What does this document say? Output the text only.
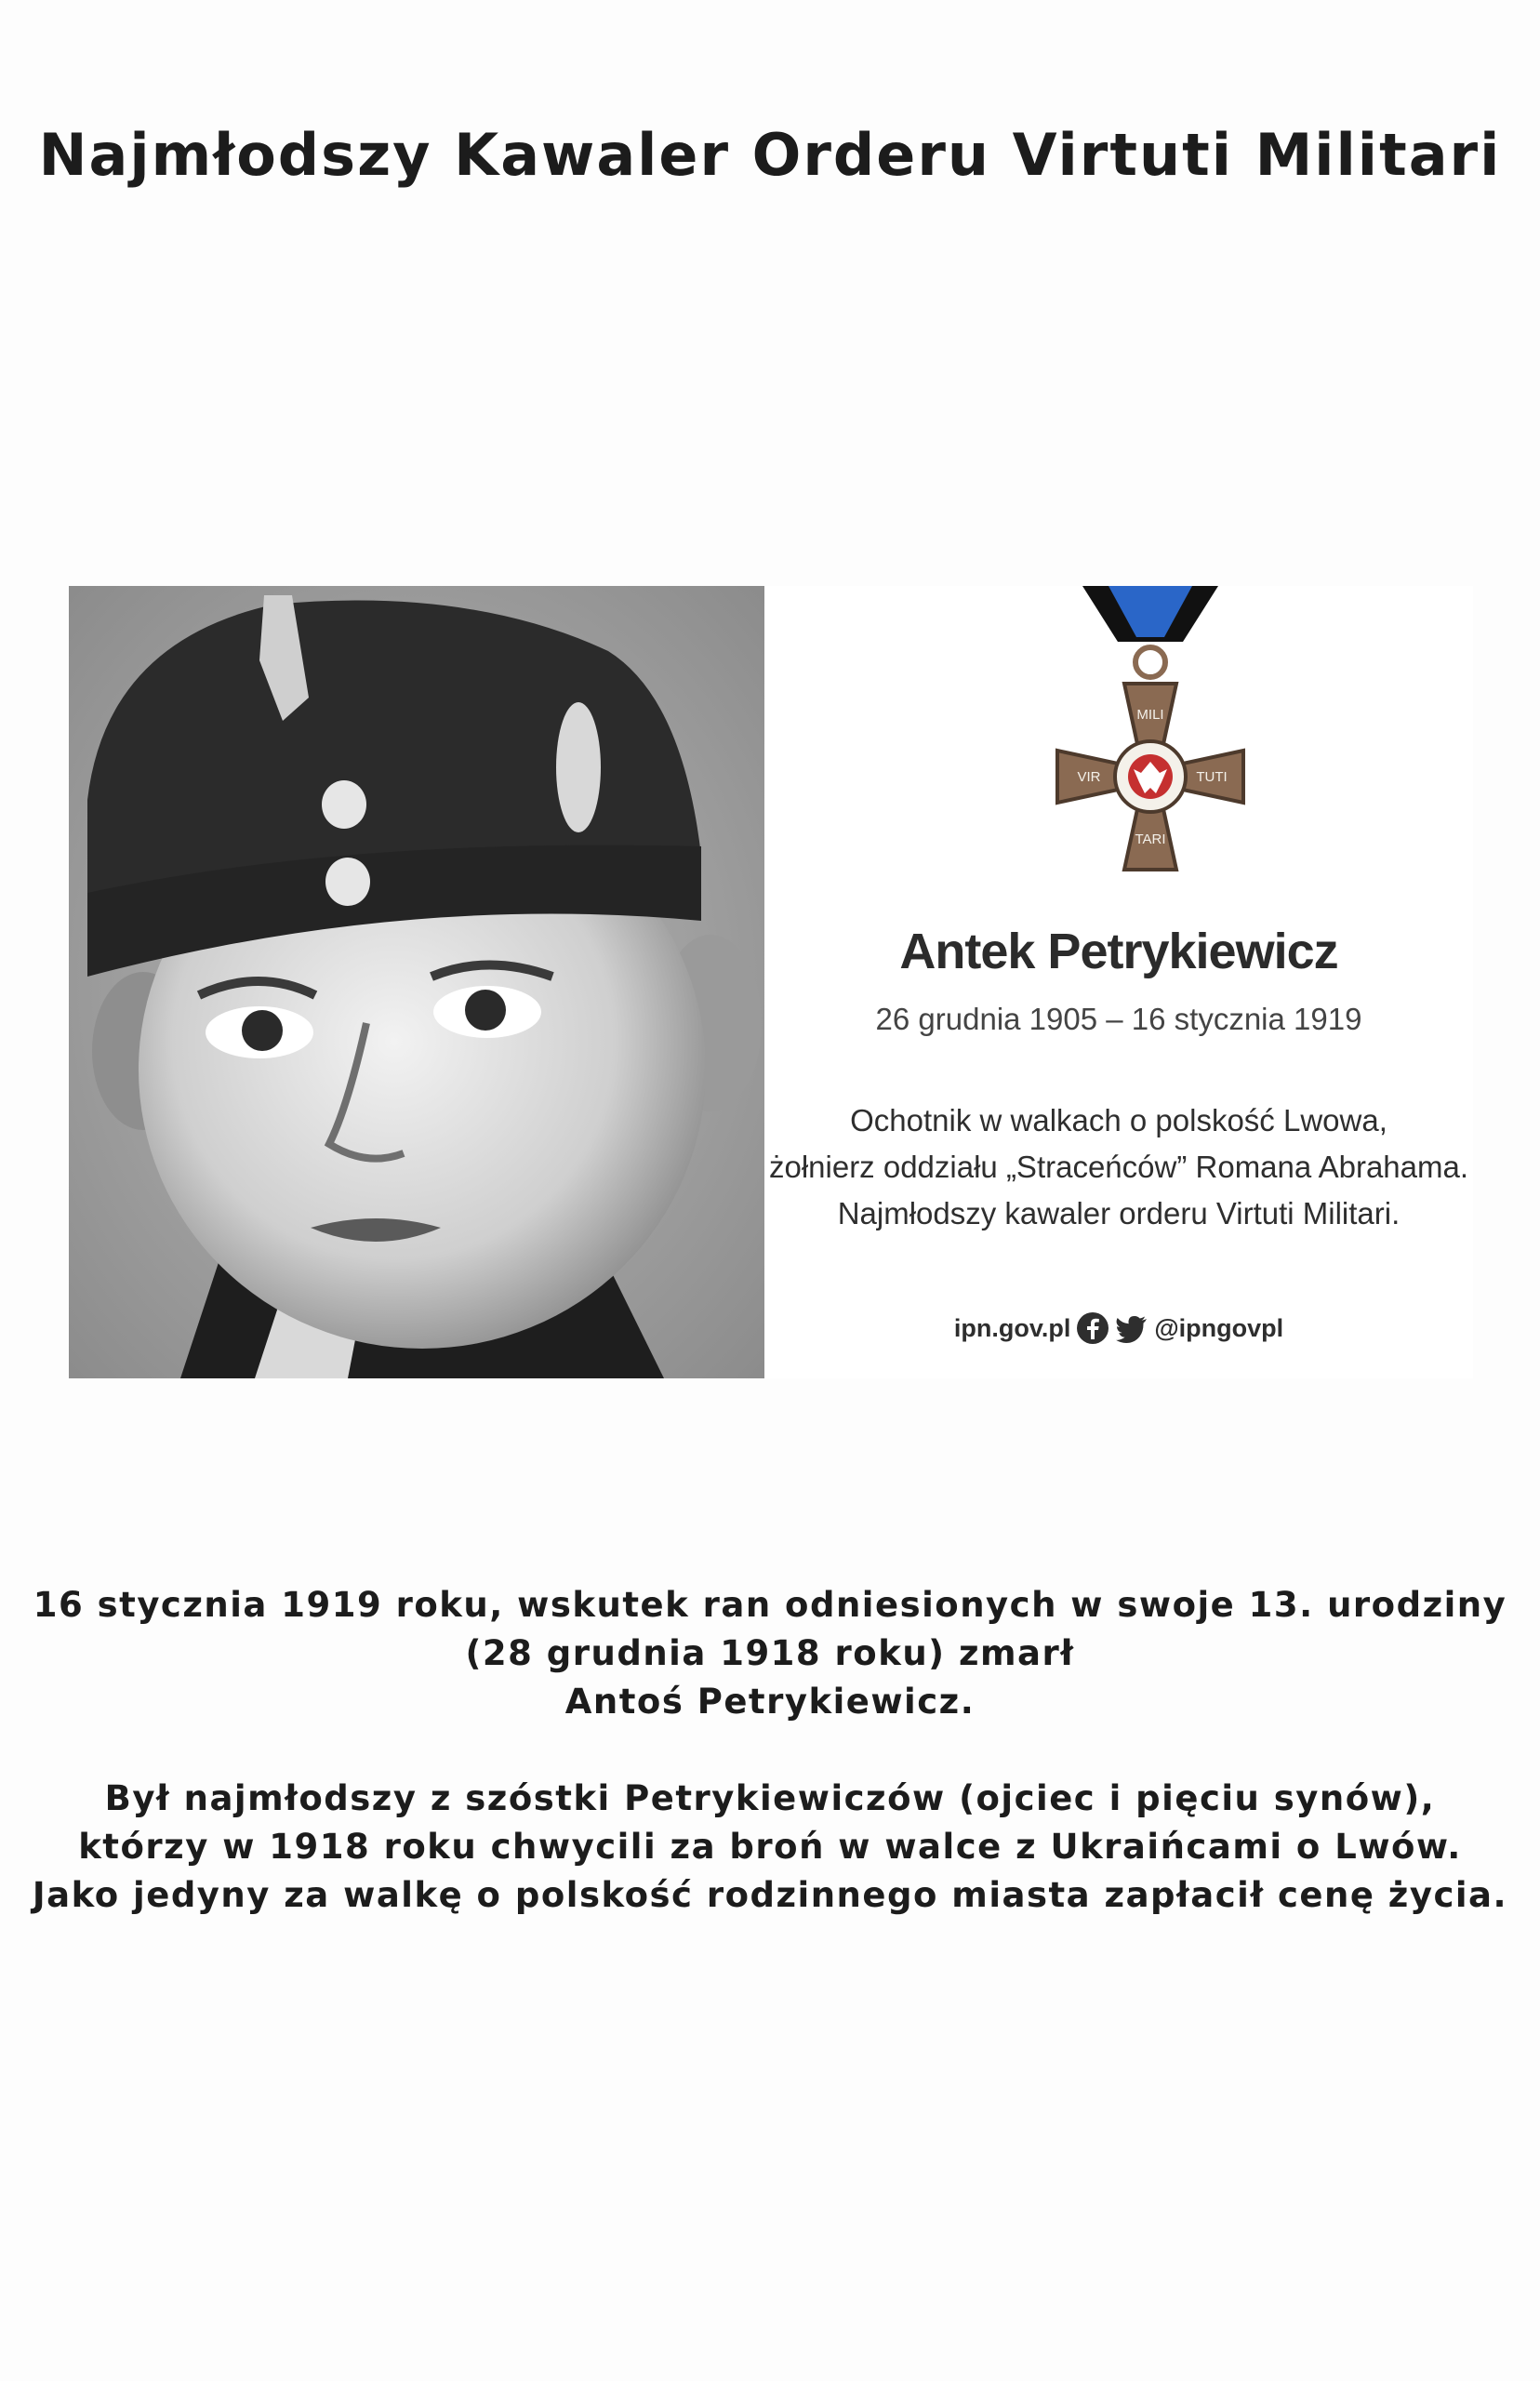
Najmłodszy Kawaler Orderu Virtuti Militari
MILI
VIR	TUTI
TARI
Antek Petrykiewicz
26 grudnia 1905 – 16 stycznia 1919
Ochotnik w walkach o polskość Lwowa,
żołnierz oddziału „Straceńców” Romana Abrahama.
Najmłodszy kawaler orderu Virtuti Militari.
ipn.gov.pl	@ipngovpl
16 stycznia 1919 roku, wskutek ran odniesionych w swoje 13. urodziny
(28 grudnia 1918 roku) zmarł
Antoś Petrykiewicz.
Był najmłodszy z szóstki Petrykiewiczów (ojciec i pięciu synów),
którzy w 1918 roku chwycili za broń w walce z Ukraińcami o Lwów.
Jako jedyny za walkę o polskość rodzinnego miasta zapłacił cenę życia.
